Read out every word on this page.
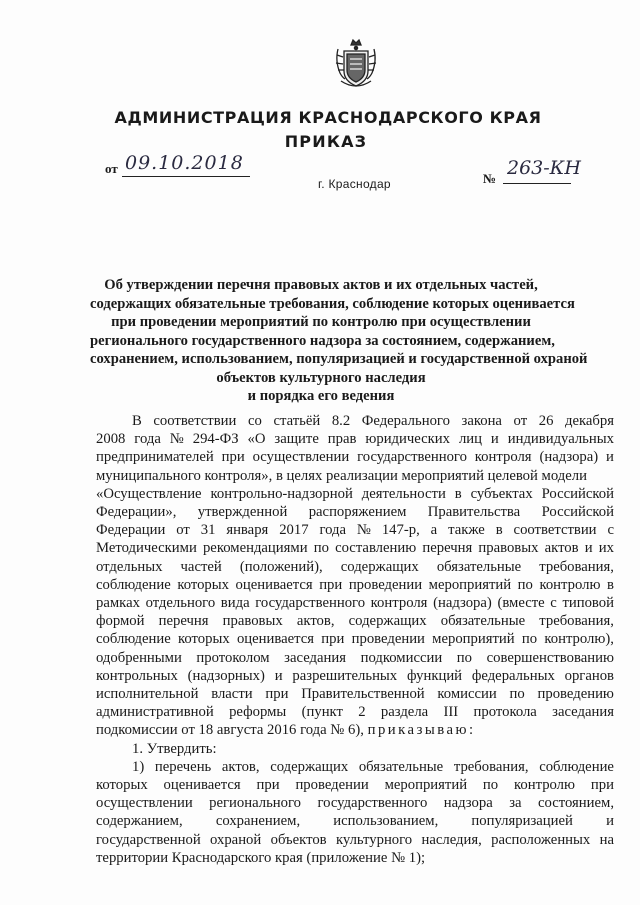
АДМИНИСТРАЦИЯ КРАСНОДАРСКОГО КРАЯ
ПРИКАЗ
от 09.10.2018
г. Краснодар	№ 263-КН
Об утверждении перечня правовых актов и их отдельных частей,
содержащих обязательные требования, соблюдение которых оценивается
при проведении мероприятий по контролю при осуществлении
регионального государственного надзора за состоянием, содержанием,
сохранением, использованием, популяризацией и государственной охраной
объектов культурного наследия
и порядка его ведения
В соответствии со статьёй 8.2 Федерального закона от 26 декабря
2008 года № 294-ФЗ «О защите прав юридических лиц и индивидуальных
предпринимателей при осуществлении государственного контроля (надзора) и
муниципального контроля», в целях реализации мероприятий целевой модели
«Осуществление контрольно-надзорной деятельности в субъектах Российской
Федерации», утвержденной распоряжением Правительства Российской
Федерации от 31 января 2017 года № 147-р, а также в соответствии с
Методическими рекомендациями по составлению перечня правовых актов и их
отдельных частей (положений), содержащих обязательные требования,
соблюдение которых оценивается при проведении мероприятий по контролю в
рамках отдельного вида государственного контроля (надзора) (вместе с типовой
формой перечня правовых актов, содержащих обязательные требования,
соблюдение которых оценивается при проведении мероприятий по контролю),
одобренными протоколом заседания подкомиссии по совершенствованию
контрольных (надзорных) и разрешительных функций федеральных органов
исполнительной власти при Правительственной комиссии по проведению
административной реформы (пункт 2 раздела III протокола заседания
подкомиссии от 18 августа 2016 года № 6),
приказываю:
1. Утвердить:
1) перечень актов, содержащих обязательные требования, соблюдение
которых оценивается при проведении мероприятий по контролю при
осуществлении регионального государственного надзора за состоянием,
содержанием, сохранением, использованием, популяризацией и
государственной охраной объектов культурного наследия, расположенных на
территории Краснодарского края (приложение № 1);
